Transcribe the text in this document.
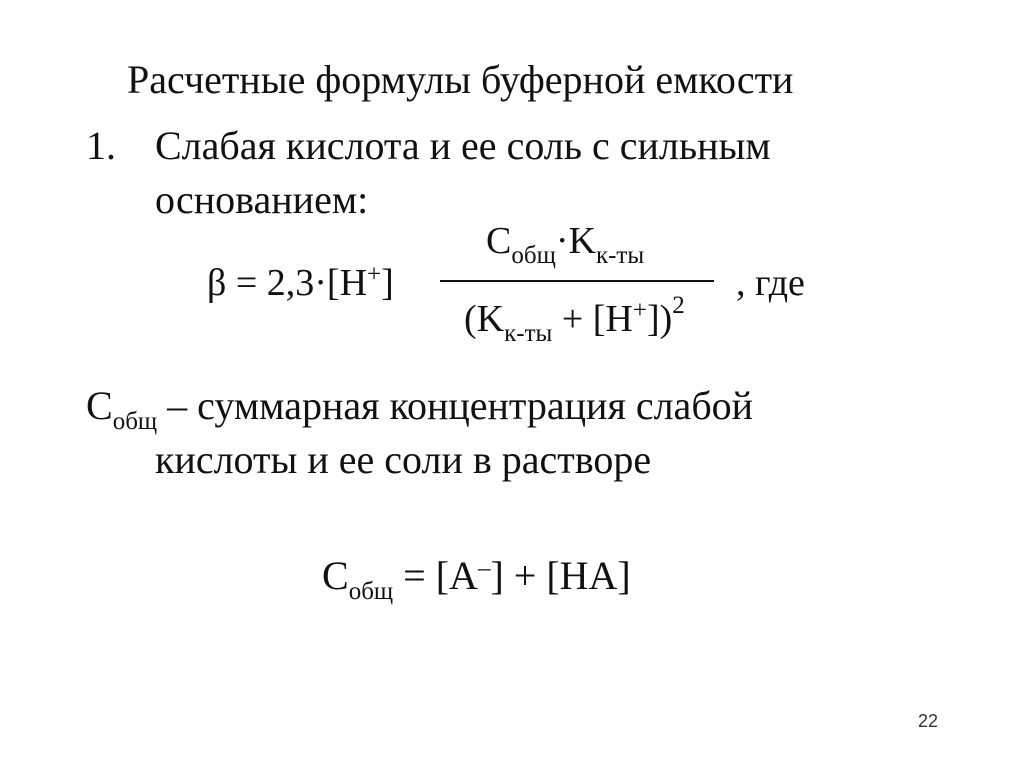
Расчетные формулы буферной емкости
1. Слабая кислота и ее соль с сильным
основанием:
β = 2,3·[H+]
$C_{общ}\cdot K_{к-ты}$
$(K_{к-ты} + [H^+])^2$
, где
$C_{общ}$ – суммарная концентрация слабой
кислоты и ее соли в растворе
$C_{общ} = [A^-] + [HA]$
22
